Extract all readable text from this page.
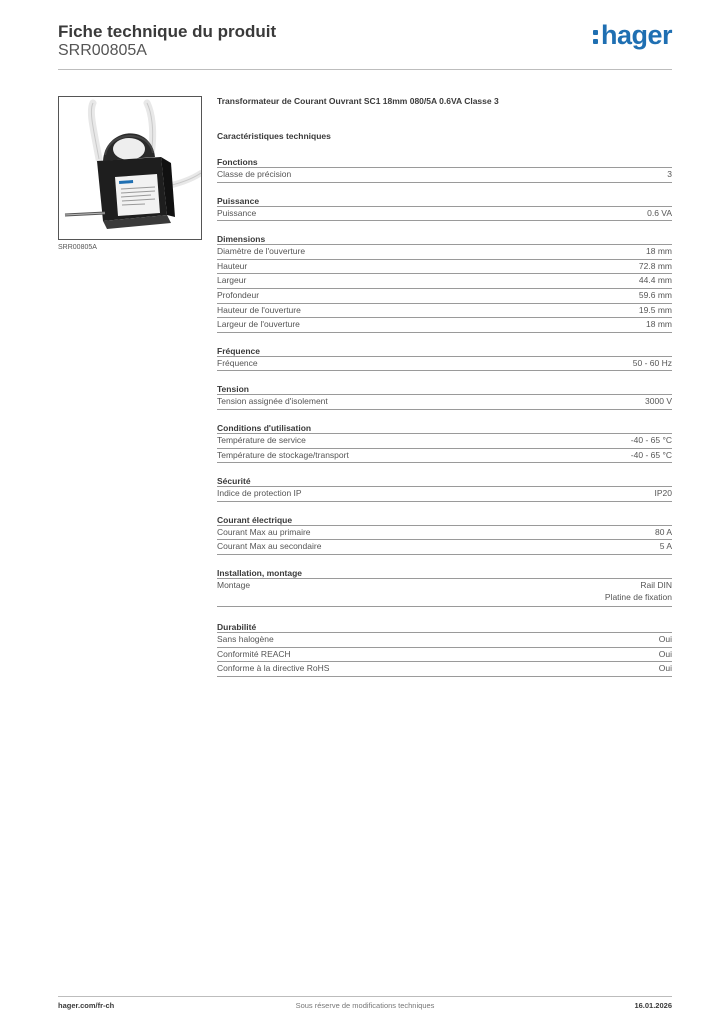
Fiche technique du produit
SRR00805A
hager
SRR00805A
Transformateur de Courant Ouvrant SC1 18mm 080/5A 0.6VA Classe 3
Caractéristiques techniques
Fonctions
Classe de précision	3
Puissance
Puissance	0.6 VA
Dimensions
Diamètre de l'ouverture	18 mm
Hauteur	72.8 mm
Largeur	44.4 mm
Profondeur	59.6 mm
Hauteur de l'ouverture	19.5 mm
Largeur de l'ouverture	18 mm
Fréquence
Fréquence	50 - 60 Hz
Tension
Tension assignée d'isolement	3000 V
Conditions d'utilisation
Température de service	-40 - 65 °C
Température de stockage/transport	-40 - 65 °C
Sécurité
Indice de protection IP	IP20
Courant électrique
Courant Max au primaire	80 A
Courant Max au secondaire	5 A
Installation, montage
Montage	Rail DIN
Platine de fixation
Durabilité
Sans halogène	Oui
Conformité REACH	Oui
Conforme à la directive RoHS	Oui
hager.com/fr-ch	Sous réserve de modifications techniques	16.01.2026
